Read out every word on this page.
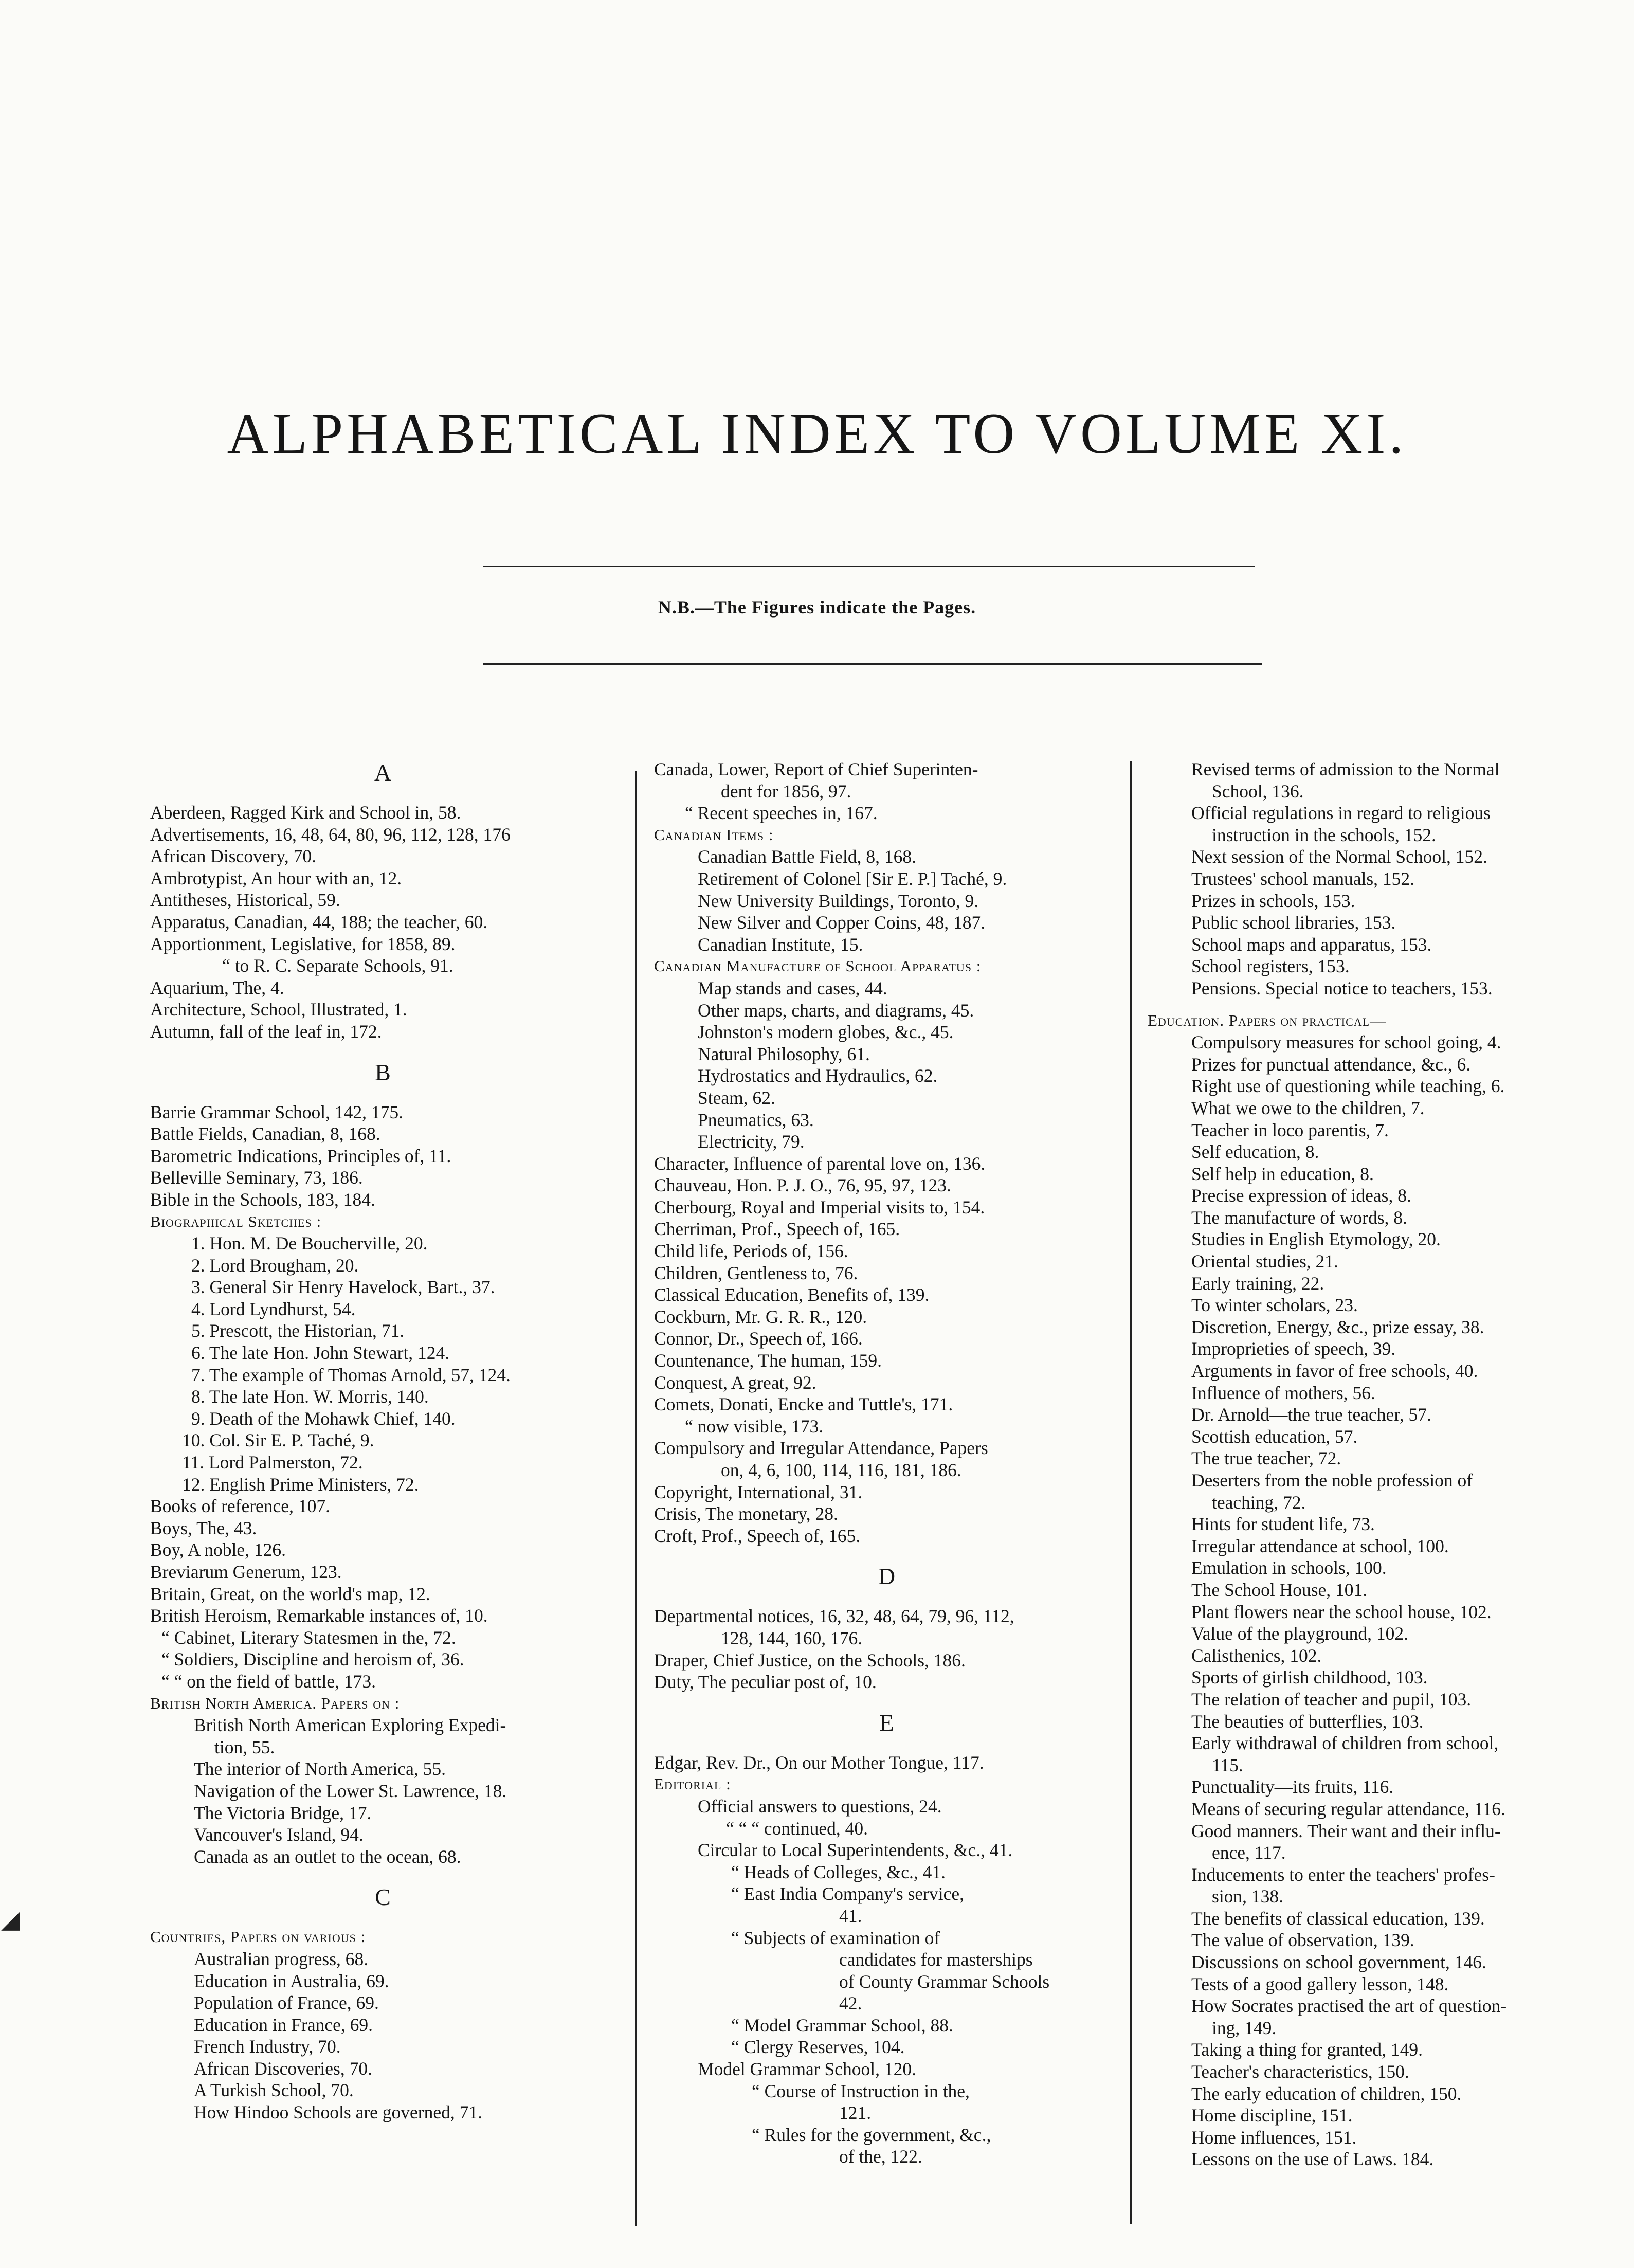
ALPHABETICAL INDEX TO VOLUME XI.
N.B.—The Figures indicate the Pages.
A
Aberdeen, Ragged Kirk and School in, 58.
Advertisements, 16, 48, 64, 80, 96, 112, 128, 176
African Discovery, 70.
Ambrotypist, An hour with an, 12.
Antitheses, Historical, 59.
Apparatus, Canadian, 44, 188; the teacher, 60.
Apportionment, Legislative, for 1858, 89.
“ to R. C. Separate Schools, 91.
Aquarium, The, 4.
Architecture, School, Illustrated, 1.
Autumn, fall of the leaf in, 172.
B
Barrie Grammar School, 142, 175.
Battle Fields, Canadian, 8, 168.
Barometric Indications, Principles of, 11.
Belleville Seminary, 73, 186.
Bible in the Schools, 183, 184.
Biographical Sketches :
1. Hon. M. De Boucherville, 20.
2. Lord Brougham, 20.
3. General Sir Henry Havelock, Bart., 37.
4. Lord Lyndhurst, 54.
5. Prescott, the Historian, 71.
6. The late Hon. John Stewart, 124.
7. The example of Thomas Arnold, 57, 124.
8. The late Hon. W. Morris, 140.
9. Death of the Mohawk Chief, 140.
10. Col. Sir E. P. Taché, 9.
11. Lord Palmerston, 72.
12. English Prime Ministers, 72.
Books of reference, 107.
Boys, The, 43.
Boy, A noble, 126.
Breviarum Generum, 123.
Britain, Great, on the world's map, 12.
British Heroism, Remarkable instances of, 10.
“ Cabinet, Literary Statesmen in the, 72.
“ Soldiers, Discipline and heroism of, 36.
“ “ on the field of battle, 173.
British North America. Papers on :
British North American Exploring Expedi-
tion, 55.
The interior of North America, 55.
Navigation of the Lower St. Lawrence, 18.
The Victoria Bridge, 17.
Vancouver's Island, 94.
Canada as an outlet to the ocean, 68.
C
Countries, Papers on various :
Australian progress, 68.
Education in Australia, 69.
Population of France, 69.
Education in France, 69.
French Industry, 70.
African Discoveries, 70.
A Turkish School, 70.
How Hindoo Schools are governed, 71.
Canada, Lower, Report of Chief Superinten-
dent for 1856, 97.
“ Recent speeches in, 167.
Canadian Items :
Canadian Battle Field, 8, 168.
Retirement of Colonel [Sir E. P.] Taché, 9.
New University Buildings, Toronto, 9.
New Silver and Copper Coins, 48, 187.
Canadian Institute, 15.
Canadian Manufacture of School Apparatus :
Map stands and cases, 44.
Other maps, charts, and diagrams, 45.
Johnston's modern globes, &c., 45.
Natural Philosophy, 61.
Hydrostatics and Hydraulics, 62.
Steam, 62.
Pneumatics, 63.
Electricity, 79.
Character, Influence of parental love on, 136.
Chauveau, Hon. P. J. O., 76, 95, 97, 123.
Cherbourg, Royal and Imperial visits to, 154.
Cherriman, Prof., Speech of, 165.
Child life, Periods of, 156.
Children, Gentleness to, 76.
Classical Education, Benefits of, 139.
Cockburn, Mr. G. R. R., 120.
Connor, Dr., Speech of, 166.
Countenance, The human, 159.
Conquest, A great, 92.
Comets, Donati, Encke and Tuttle's, 171.
“ now visible, 173.
Compulsory and Irregular Attendance, Papers
on, 4, 6, 100, 114, 116, 181, 186.
Copyright, International, 31.
Crisis, The monetary, 28.
Croft, Prof., Speech of, 165.
D
Departmental notices, 16, 32, 48, 64, 79, 96, 112,
128, 144, 160, 176.
Draper, Chief Justice, on the Schools, 186.
Duty, The peculiar post of, 10.
E
Edgar, Rev. Dr., On our Mother Tongue, 117.
Editorial :
Official answers to questions, 24.
“ “ “ continued, 40.
Circular to Local Superintendents, &c., 41.
“ Heads of Colleges, &c., 41.
“ East India Company's service,
41.
“ Subjects of examination of
candidates for masterships
of County Grammar Schools
42.
“ Model Grammar School, 88.
“ Clergy Reserves, 104.
Model Grammar School, 120.
“ Course of Instruction in the,
121.
“ Rules for the government, &c.,
of the, 122.
Revised terms of admission to the Normal
School, 136.
Official regulations in regard to religious
instruction in the schools, 152.
Next session of the Normal School, 152.
Trustees' school manuals, 152.
Prizes in schools, 153.
Public school libraries, 153.
School maps and apparatus, 153.
School registers, 153.
Pensions. Special notice to teachers, 153.
Education. Papers on practical—
Compulsory measures for school going, 4.
Prizes for punctual attendance, &c., 6.
Right use of questioning while teaching, 6.
What we owe to the children, 7.
Teacher in loco parentis, 7.
Self education, 8.
Self help in education, 8.
Precise expression of ideas, 8.
The manufacture of words, 8.
Studies in English Etymology, 20.
Oriental studies, 21.
Early training, 22.
To winter scholars, 23.
Discretion, Energy, &c., prize essay, 38.
Improprieties of speech, 39.
Arguments in favor of free schools, 40.
Influence of mothers, 56.
Dr. Arnold—the true teacher, 57.
Scottish education, 57.
The true teacher, 72.
Deserters from the noble profession of
teaching, 72.
Hints for student life, 73.
Irregular attendance at school, 100.
Emulation in schools, 100.
The School House, 101.
Plant flowers near the school house, 102.
Value of the playground, 102.
Calisthenics, 102.
Sports of girlish childhood, 103.
The relation of teacher and pupil, 103.
The beauties of butterflies, 103.
Early withdrawal of children from school,
115.
Punctuality—its fruits, 116.
Means of securing regular attendance, 116.
Good manners. Their want and their influ-
ence, 117.
Inducements to enter the teachers' profes-
sion, 138.
The benefits of classical education, 139.
The value of observation, 139.
Discussions on school government, 146.
Tests of a good gallery lesson, 148.
How Socrates practised the art of question-
ing, 149.
Taking a thing for granted, 149.
Teacher's characteristics, 150.
The early education of children, 150.
Home discipline, 151.
Home influences, 151.
Lessons on the use of Laws. 184.
◢
